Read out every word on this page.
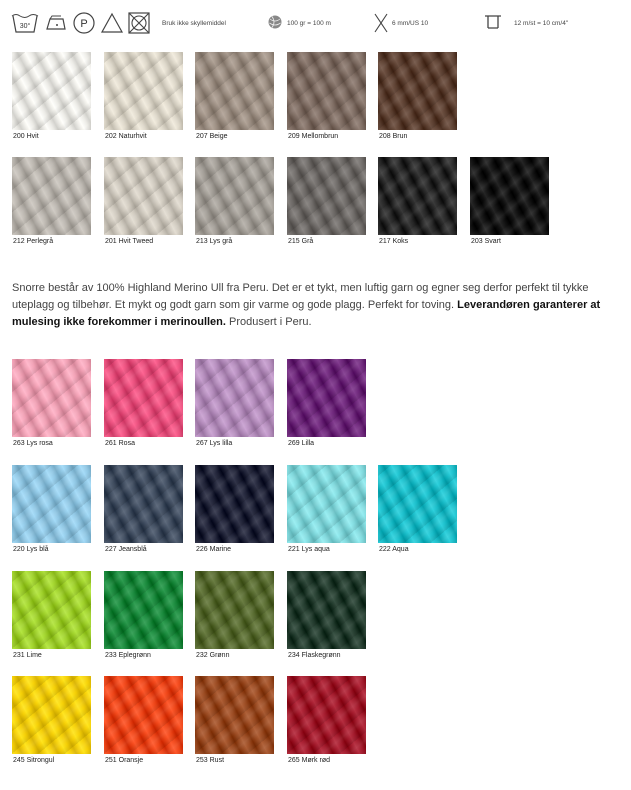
30°	P	Bruk ikke skyllemiddel	100 gr = 100 m	6 mm/US 10	12 m/st = 10 cm/4"
200 Hvit	202 Naturhvit	207 Beige	209 Mellombrun	208 Brun
212 Perlegrå	201 Hvit Tweed	213 Lys grå	215 Grå	217 Koks	203 Svart
263 Lys rosa	261 Rosa	267 Lys lilla	269 Lilla
220 Lys blå	227 Jeansblå	226 Marine	221 Lys aqua	222 Aqua
231 Lime	233 Eplegrønn	232 Grønn	234 Flaskegrønn
245 Sitrongul	251 Oransje	253 Rust	265 Mørk rød
Snorre består av 100% Highland Merino Ull fra Peru. Det er et tykt, men luftig garn og egner seg derfor perfekt til tykke uteplagg og tilbehør. Et mykt og godt garn som gir varme og gode plagg. Perfekt for toving. Leverandøren garanterer at mulesing ikke forekommer i merinoullen. Produsert i Peru.
